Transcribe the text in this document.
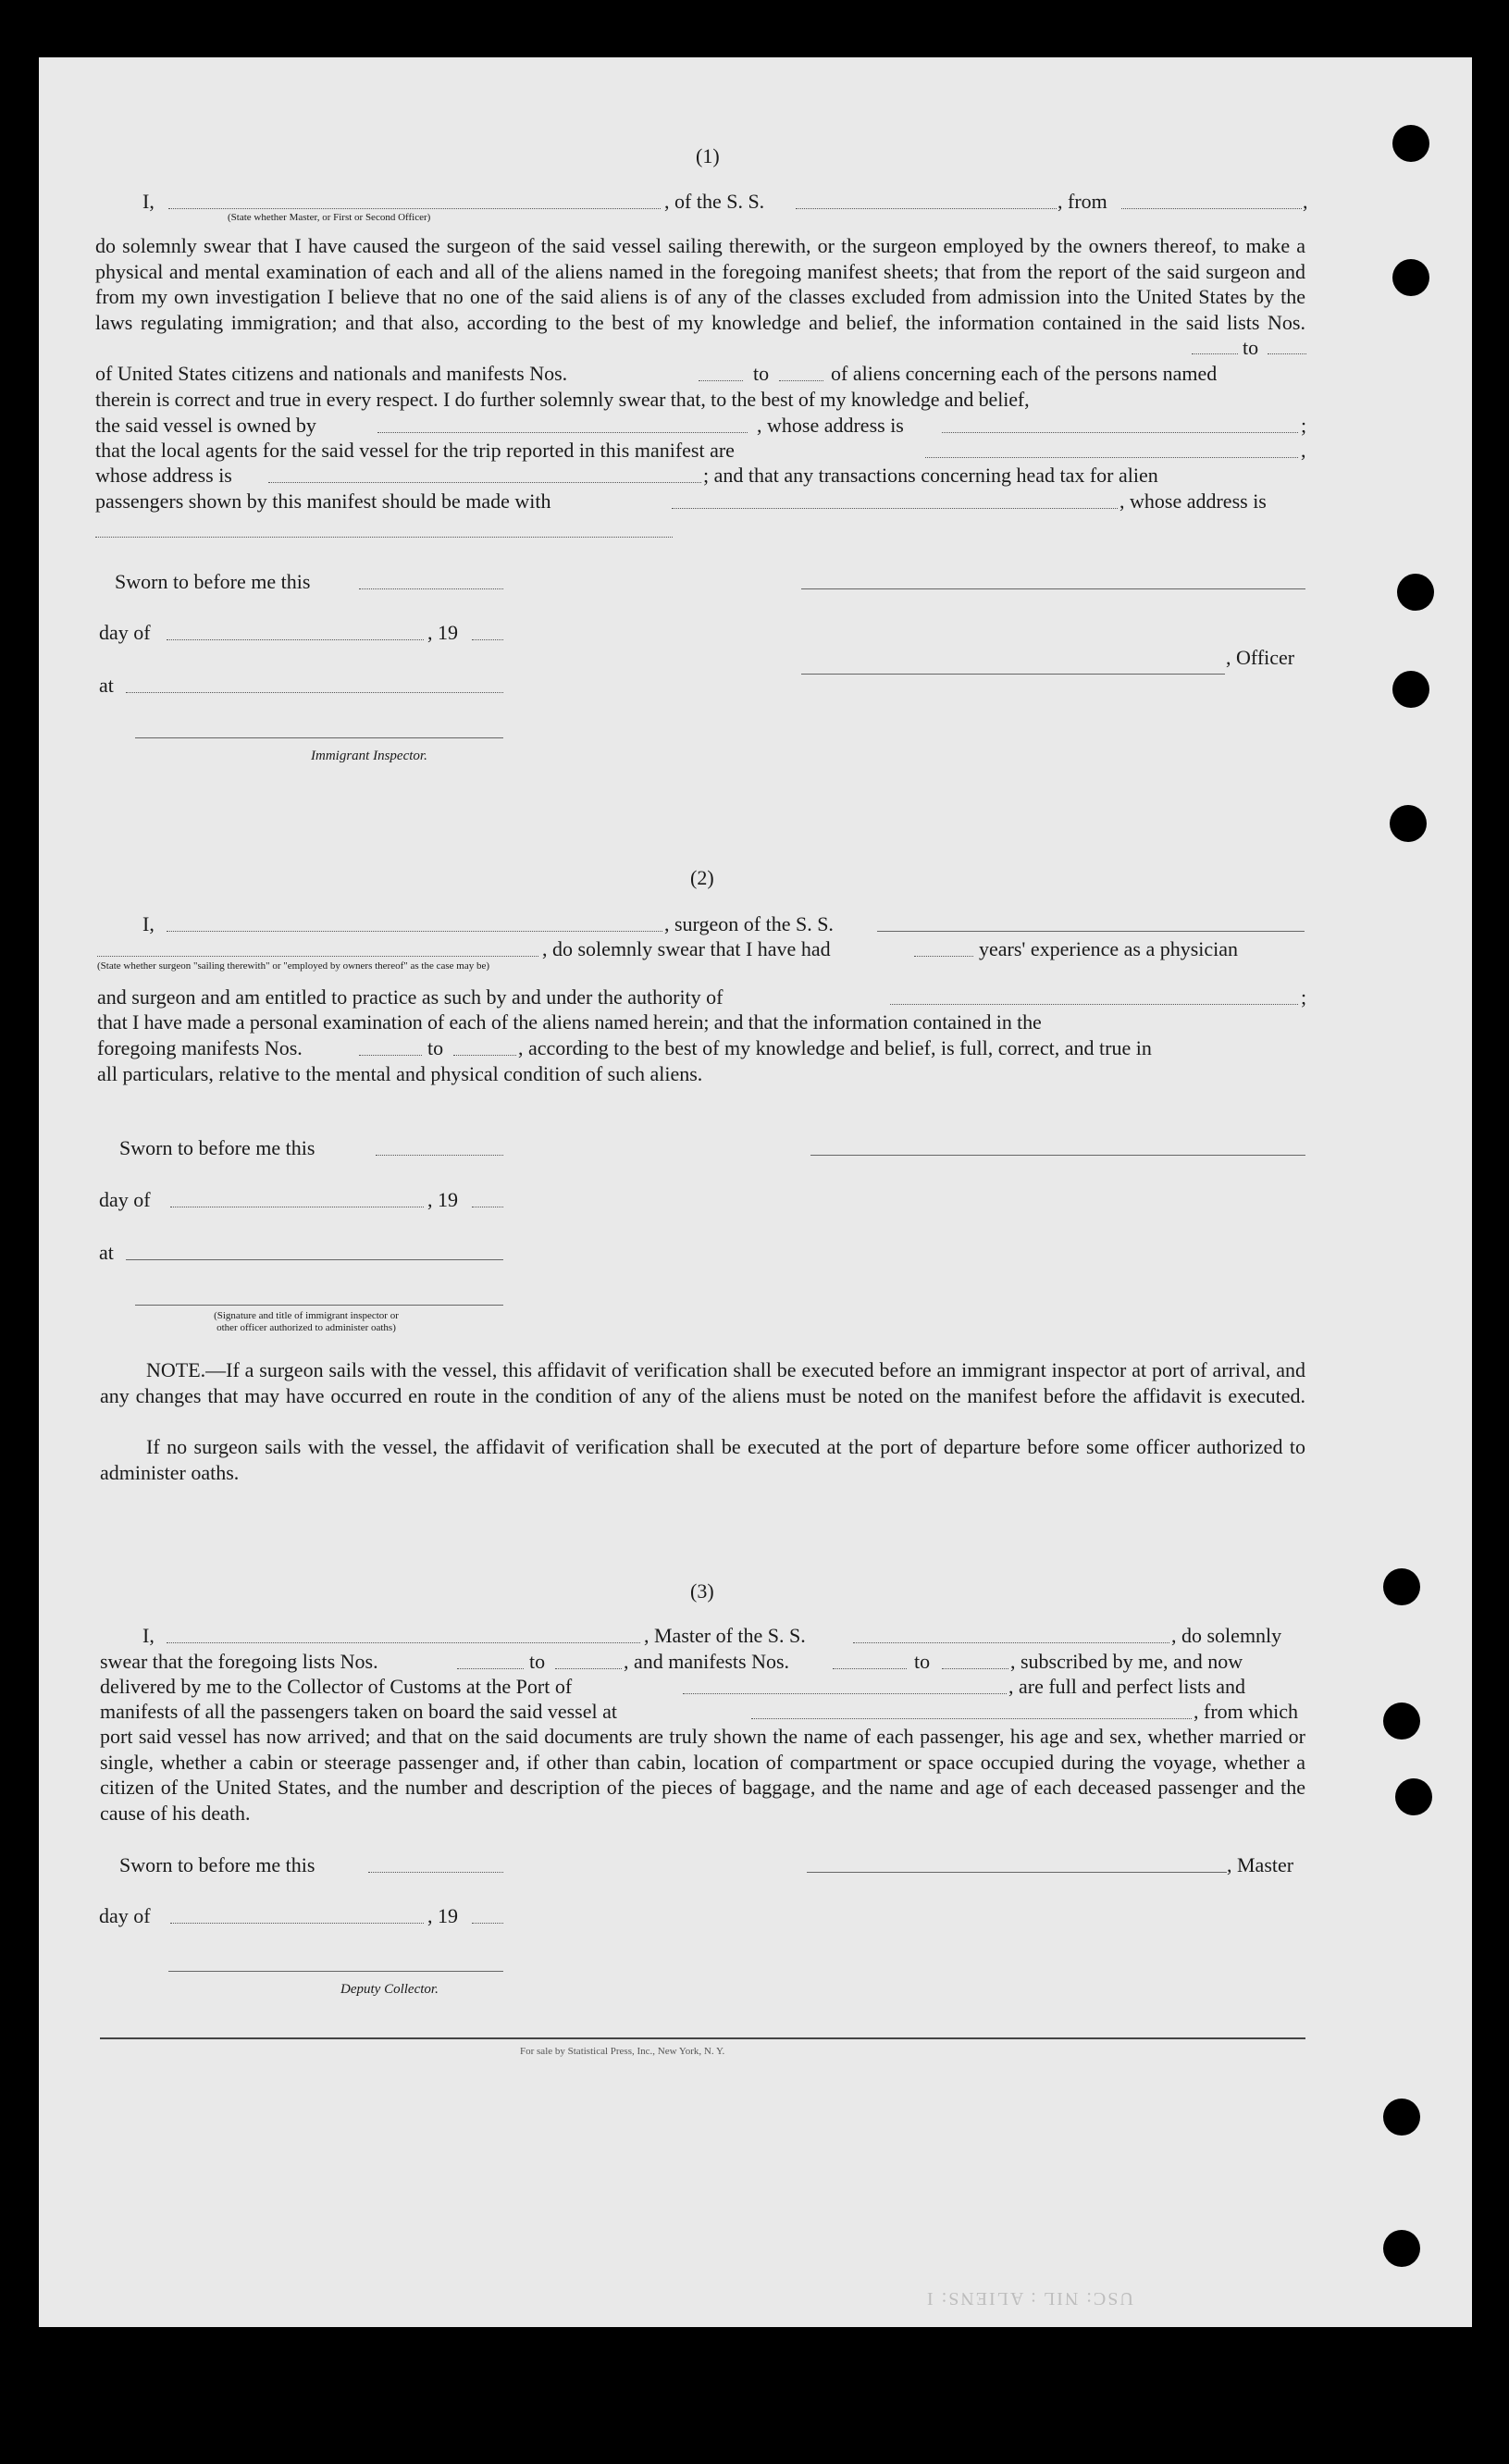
(1)
I,	, of the S. S.	, from	,
(State whether Master, or First or Second Officer)
do solemnly swear that I have caused the surgeon of the said vessel sailing therewith, or the surgeon employed by the owners thereof, to make a physical and mental examination of each and all of the aliens named in the foregoing manifest sheets; that from the report of the said surgeon and from my own investigation I believe that no one of the said aliens is of any of the classes excluded from admission into the United States by the laws regulating immigration; and that also, according to the best of my knowledge and belief, the information contained in the said lists Nos.
to
of United States citizens and nationals and manifests Nos.	to	of aliens concerning each of the persons named
therein is correct and true in every respect. I do further solemnly swear that, to the best of my knowledge and belief,
the said vessel is owned by	, whose address is	;
that the local agents for the said vessel for the trip reported in this manifest are	,
whose address is	; and that any transactions concerning head tax for alien
passengers shown by this manifest should be made with	, whose address is
Sworn to before me this
day of	, 19
, Officer
at
Immigrant Inspector.
(2)
I,	, surgeon of the S. S.
, do solemnly swear that I have had	years' experience as a physician
(State whether surgeon "sailing therewith" or "employed by owners thereof" as the case may be)
and surgeon and am entitled to practice as such by and under the authority of	;
that I have made a personal examination of each of the aliens named herein; and that the information contained in the
foregoing manifests Nos.	to	, according to the best of my knowledge and belief, is full, correct, and true in
all particulars, relative to the mental and physical condition of such aliens.
Sworn to before me this
day of	, 19
at
(Signature and title of immigrant inspector or
other officer authorized to administer oaths)
NOTE.—If a surgeon sails with the vessel, this affidavit of verification shall be executed before an immigrant inspector at port of arrival, and any changes that may have occurred en route in the condition of any of the aliens must be noted on the manifest before the affidavit is executed.
If no surgeon sails with the vessel, the affidavit of verification shall be executed at the port of departure before some officer authorized to administer oaths.
(3)
I,	, Master of the S. S.	, do solemnly
swear that the foregoing lists Nos.	to	, and manifests Nos.	to	, subscribed by me, and now
delivered by me to the Collector of Customs at the Port of	, are full and perfect lists and
manifests of all the passengers taken on board the said vessel at	, from which
port said vessel has now arrived; and that on the said documents are truly shown the name of each passenger, his age and sex, whether married or single, whether a cabin or steerage passenger and, if other than cabin, location of compartment or space occupied during the voyage, whether a citizen of the United States, and the number and description of the pieces of baggage, and the name and age of each deceased passenger and the cause of his death.
Sworn to before me this	, Master
day of	, 19
Deputy Collector.
For sale by Statistical Press, Inc., New York, N. Y.
USC: NIL : ALIENS: I
